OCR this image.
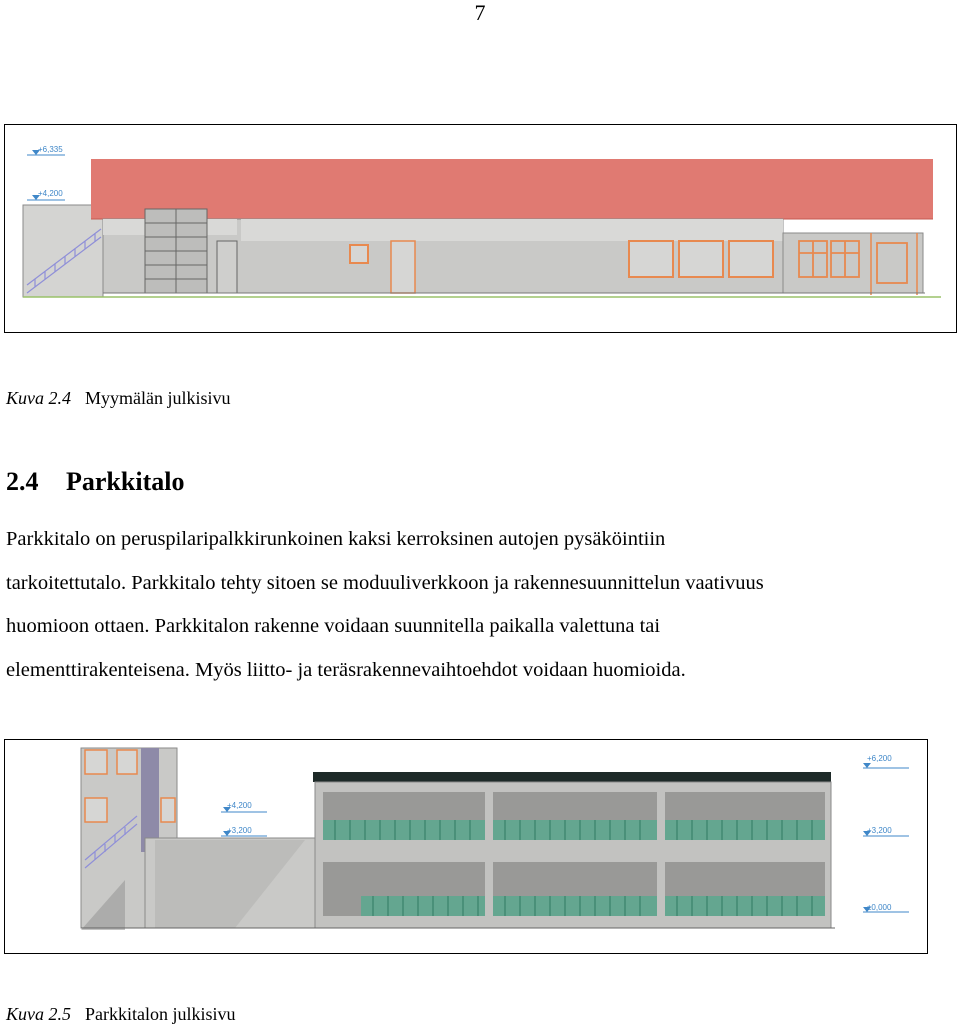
7
+6,335
+4,200
Kuva 2.4 Myymälän julkisivu
2.4 Parkkitalo
Parkkitalo on peruspilaripalkkirunkoinen kaksi kerroksinen autojen pysäköintiin
tarkoitettutalo. Parkkitalo tehty sitoen se moduuliverkkoon ja rakennesuunnittelun vaativuus
huomioon ottaen. Parkkitalon rakenne voidaan suunnitella paikalla valettuna tai
elementtirakenteisena. Myös liitto- ja teräsrakennevaihtoehdot voidaan huomioida.
+4,200
+3,200
+6,200
+3,200
±0,000
Kuva 2.5 Parkkitalon julkisivu
